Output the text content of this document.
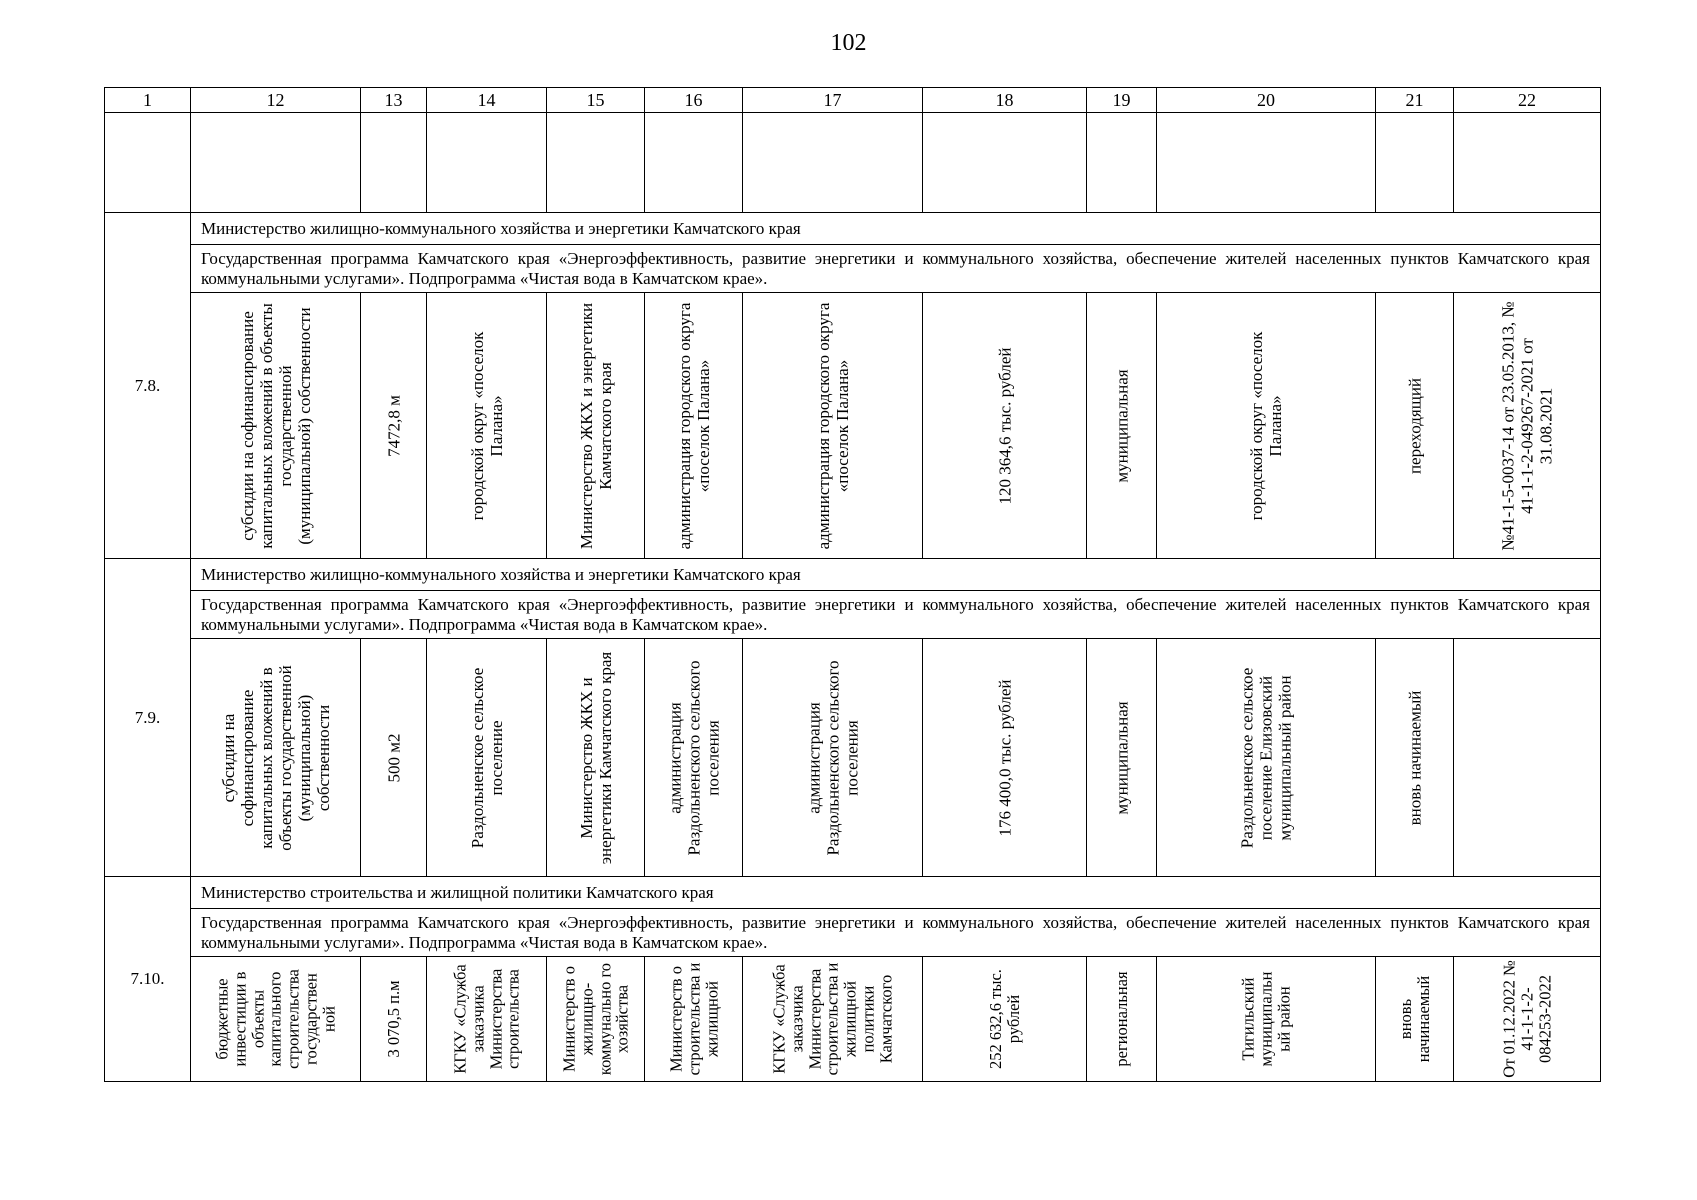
102
1	12	13	14	15	16	17	18	19	20	21	22

7.8.	Министерство жилищно-коммунального хозяйства и энергетики Камчатского края										
	Государственная программа Камчатского края «Энергоэффективность, развитие энергетики и коммунального хозяйства, обеспечение жителей населенных пунктов Камчатского края коммунальными услугами». Подпрограмма «Чистая вода в Камчатском крае».										

	субсидии на софинансирование капитальных вложений в объекты государственной (муниципальной) собственности	7472,8 м	городской округ «поселок Палана»	Министерство ЖКХ и энергетики Камчатского края	администрация городского округа «поселок Палана»	администрация городского округа «поселок Палана»	120 364,6 тыс. рублей	муниципальная	городской округ «поселок Палана»	переходящий	№41-1-5-0037-14 от 23.05.2013, № 41-1-1-2-049267-2021 от 31.08.2021

7.9.	Министерство жилищно-коммунального хозяйства и энергетики Камчатского края										
	Государственная программа Камчатского края «Энергоэффективность, развитие энергетики и коммунального хозяйства, обеспечение жителей населенных пунктов Камчатского края коммунальными услугами». Подпрограмма «Чистая вода в Камчатском крае».										

	субсидии на софинансирование капитальных вложений в объекты государственной (муниципальной) собственности	500 м2	Раздольненское сельское поселение	Министерство ЖКХ и энергетики Камчатского края	администрация Раздольненского сельского поселения	администрация Раздольненского сельского поселения	176 400,0 тыс. рублей	муниципальная	Раздольненское сельское поселение Елизовский муниципальный район	вновь начинаемый	

7.10.	Министерство строительства и жилищной политики Камчатского края										
	Государственная программа Камчатского края «Энергоэффективность, развитие энергетики и коммунального хозяйства, обеспечение жителей населенных пунктов Камчатского края коммунальными услугами». Подпрограмма «Чистая вода в Камчатском крае».										

	бюджетные инвестиции в объекты капитального строительства государствен ной	3 070,5 п.м	КГКУ «Служба заказчика Министерства строительства	Министерств о жилищно-коммунально го хозяйства	Министерств о строительства и жилищной	КГКУ «Служба заказчика Министерства строительства и жилищной политики Камчатского	252 632,6 тыс. рублей	региональная	Тигильский муниципальн ый район	вновь начинаемый	От 01.12.2022 № 41-1-1-2-084253-2022
